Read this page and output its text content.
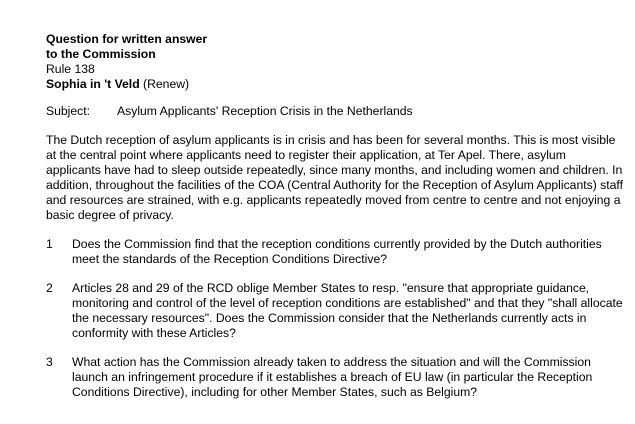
Question for written answer
to the Commission
Rule 138
Sophia in 't Veld (Renew)
Subject:	Asylum Applicants' Reception Crisis in the Netherlands

The Dutch reception of asylum applicants is in crisis and has been for several months. This is most visible at the central point where applicants need to register their application, at Ter Apel. There, asylum applicants have had to sleep outside repeatedly, since many months, and including women and children. In addition, throughout the facilities of the COA (Central Authority for the Reception of Asylum Applicants) staff and resources are strained, with e.g. applicants repeatedly moved from centre to centre and not enjoying a basic degree of privacy.

1	Does the Commission find that the reception conditions currently provided by the Dutch authorities meet the standards of the Reception Conditions Directive?
2	Articles 28 and 29 of the RCD oblige Member States to resp. "ensure that appropriate guidance, monitoring and control of the level of reception conditions are established" and that they "shall allocate the necessary resources". Does the Commission consider that the Netherlands currently acts in conformity with these Articles?
3	What action has the Commission already taken to address the situation and will the Commission launch an infringement procedure if it establishes a breach of EU law (in particular the Reception Conditions Directive), including for other Member States, such as Belgium?
